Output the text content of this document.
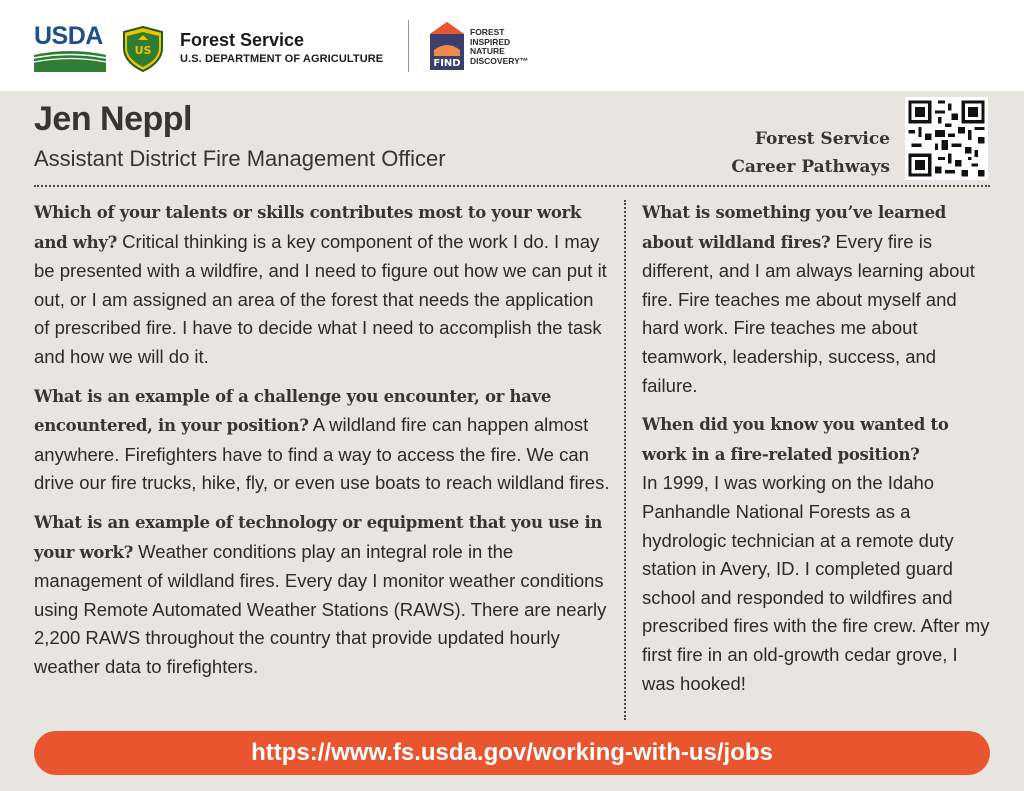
USDA
US
Forest Service
U.S. DEPARTMENT OF AGRICULTURE	FIND
FOREST
INSPIRED
NATURE
DISCOVERY™
Jen Neppl
Assistant District Fire Management Officer
Forest Service
Career Pathways

Which of your talents or skills contributes most to your work and why? Critical thinking is a key component of the work I do. I may be presented with a wildfire, and I need to figure out how we can put it out, or I am assigned an area of the forest that needs the application of prescribed fire. I have to decide what I need to accomplish the task and how we will do it.

What is an example of a challenge you encounter, or have encountered, in your position? A wildland fire can happen almost anywhere. Firefighters have to find a way to access the fire. We can drive our fire trucks, hike, fly, or even use boats to reach wildland fires.

What is an example of technology or equipment that you use in your work? Weather conditions play an integral role in the management of wildland fires. Every day I monitor weather conditions using Remote Automated Weather Stations (RAWS). There are nearly 2,200 RAWS throughout the country that provide updated hourly weather data to firefighters.

What is something you’ve learned about wildland fires? Every fire is different, and I am always learning about fire. Fire teaches me about myself and hard work. Fire teaches me about teamwork, leadership, success, and failure.

When did you know you wanted to work in a fire-related position?
In 1999, I was working on the Idaho Panhandle National Forests as a hydrologic technician at a remote duty station in Avery, ID. I completed guard school and responded to wildfires and prescribed fires with the fire crew. After my first fire in an old-growth cedar grove, I was hooked!

https://www.fs.usda.gov/working-with-us/jobs
